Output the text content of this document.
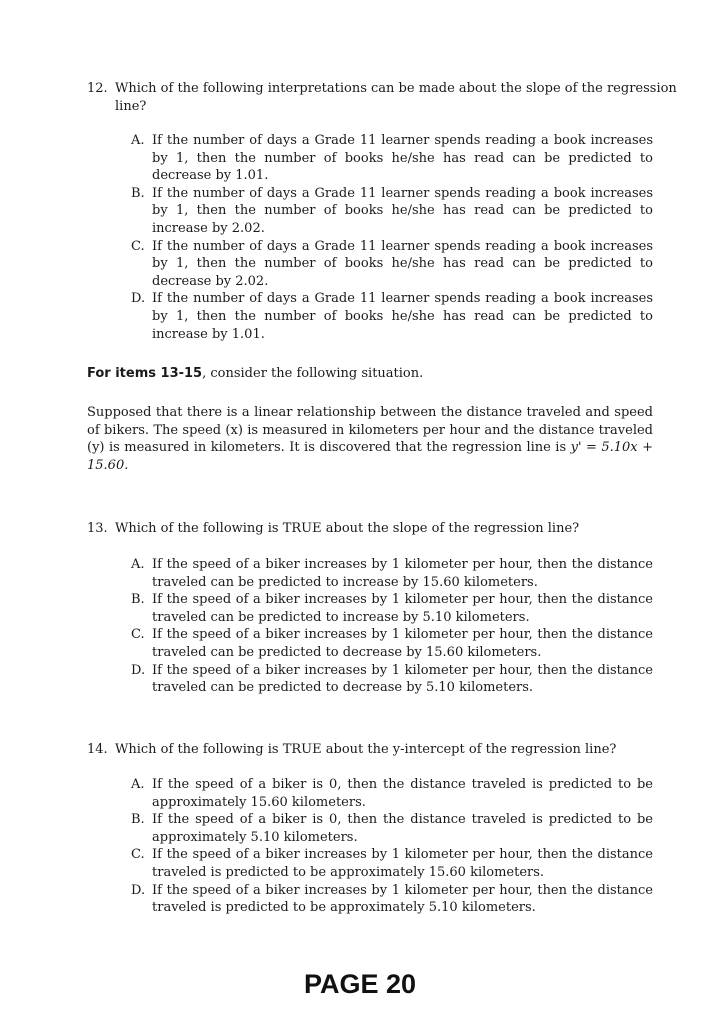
12. Which of the following interpretations can be made about the slope of the regression line?
A. If the number of days a Grade 11 learner spends reading a book increases by 1, then the number of books he/she has read can be predicted to decrease by 1.01.
B. If the number of days a Grade 11 learner spends reading a book increases by 1, then the number of books he/she has read can be predicted to increase by 2.02.
C. If the number of days a Grade 11 learner spends reading a book increases by 1, then the number of books he/she has read can be predicted to decrease by 2.02.
D. If the number of days a Grade 11 learner spends reading a book increases by 1, then the number of books he/she has read can be predicted to increase by 1.01.
For items 13-15, consider the following situation.
Supposed that there is a linear relationship between the distance traveled and speed of bikers. The speed (x) is measured in kilometers per hour and the distance traveled (y) is measured in kilometers. It is discovered that the regression line is y' = 5.10x + 15.60.
13. Which of the following is TRUE about the slope of the regression line?
A. If the speed of a biker increases by 1 kilometer per hour, then the distance traveled can be predicted to increase by 15.60 kilometers.
B. If the speed of a biker increases by 1 kilometer per hour, then the distance traveled can be predicted to increase by 5.10 kilometers.
C. If the speed of a biker increases by 1 kilometer per hour, then the distance traveled can be predicted to decrease by 15.60 kilometers.
D. If the speed of a biker increases by 1 kilometer per hour, then the distance traveled can be predicted to decrease by 5.10 kilometers.
14. Which of the following is TRUE about the y-intercept of the regression line?
A. If the speed of a biker is 0, then the distance traveled is predicted to be approximately 15.60 kilometers.
B. If the speed of a biker is 0, then the distance traveled is predicted to be approximately 5.10 kilometers.
C. If the speed of a biker increases by 1 kilometer per hour, then the distance traveled is predicted to be approximately 15.60 kilometers.
D. If the speed of a biker increases by 1 kilometer per hour, then the distance traveled is predicted to be approximately 5.10 kilometers.
PAGE 20
